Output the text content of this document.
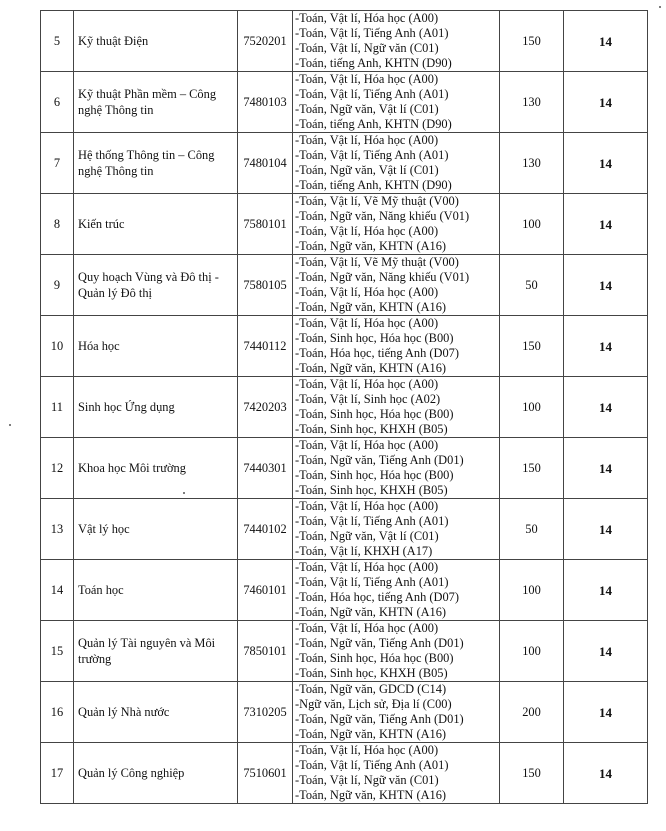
5	Kỹ thuật Điện	7520201	-Toán, Vật lí, Hóa học (A00)
-Toán, Vật lí, Tiếng Anh (A01)
-Toán, Vật lí, Ngữ văn (C01)
-Toán, tiếng Anh, KHTN (D90)	150	14
6	Kỹ thuật Phần mềm – Công nghệ Thông tin	7480103	-Toán, Vật lí, Hóa học (A00)
-Toán, Vật lí, Tiếng Anh (A01)
-Toán, Ngữ văn, Vật lí (C01)
-Toán, tiếng Anh, KHTN (D90)	130	14
7	Hệ thống Thông tin – Công nghệ Thông tin	7480104	-Toán, Vật lí, Hóa học (A00)
-Toán, Vật lí, Tiếng Anh (A01)
-Toán, Ngữ văn, Vật lí (C01)
-Toán, tiếng Anh, KHTN (D90)	130	14
8	Kiến trúc	7580101	-Toán, Vật lí, Vẽ Mỹ thuật (V00)
-Toán, Ngữ văn, Năng khiếu (V01)
-Toán, Vật lí, Hóa học (A00)
-Toán, Ngữ văn, KHTN (A16)	100	14
9	Quy hoạch Vùng và Đô thị - Quản lý Đô thị	7580105	-Toán, Vật lí, Vẽ Mỹ thuật (V00)
-Toán, Ngữ văn, Năng khiếu (V01)
-Toán, Vật lí, Hóa học (A00)
-Toán, Ngữ văn, KHTN (A16)	50	14
10	Hóa học	7440112	-Toán, Vật lí, Hóa học (A00)
-Toán, Sinh học, Hóa học (B00)
-Toán, Hóa học, tiếng Anh (D07)
-Toán, Ngữ văn, KHTN (A16)	150	14
11	Sinh học Ứng dụng	7420203	-Toán, Vật lí, Hóa học (A00)
-Toán, Vật lí, Sinh học (A02)
-Toán, Sinh học, Hóa học (B00)
-Toán, Sinh học, KHXH (B05)	100	14
12	Khoa học Môi trường	7440301	-Toán, Vật lí, Hóa học (A00)
-Toán, Ngữ văn, Tiếng Anh (D01)
-Toán, Sinh học, Hóa học (B00)
-Toán, Sinh học, KHXH (B05)	150	14
13	Vật lý học	7440102	-Toán, Vật lí, Hóa học (A00)
-Toán, Vật lí, Tiếng Anh (A01)
-Toán, Ngữ văn, Vật lí (C01)
-Toán, Vật lí, KHXH (A17)	50	14
14	Toán học	7460101	-Toán, Vật lí, Hóa học (A00)
-Toán, Vật lí, Tiếng Anh (A01)
-Toán, Hóa học, tiếng Anh (D07)
-Toán, Ngữ văn, KHTN (A16)	100	14
15	Quản lý Tài nguyên và Môi trường	7850101	-Toán, Vật lí, Hóa học (A00)
-Toán, Ngữ văn, Tiếng Anh (D01)
-Toán, Sinh học, Hóa học (B00)
-Toán, Sinh học, KHXH (B05)	100	14
16	Quản lý Nhà nước	7310205	-Toán, Ngữ văn, GDCD (C14)
-Ngữ văn, Lịch sử, Địa lí (C00)
-Toán, Ngữ văn, Tiếng Anh (D01)
-Toán, Ngữ văn, KHTN (A16)	200	14
17	Quản lý Công nghiệp	7510601	-Toán, Vật lí, Hóa học (A00)
-Toán, Vật lí, Tiếng Anh (A01)
-Toán, Vật lí, Ngữ văn (C01)
-Toán, Ngữ văn, KHTN (A16)	150	14
